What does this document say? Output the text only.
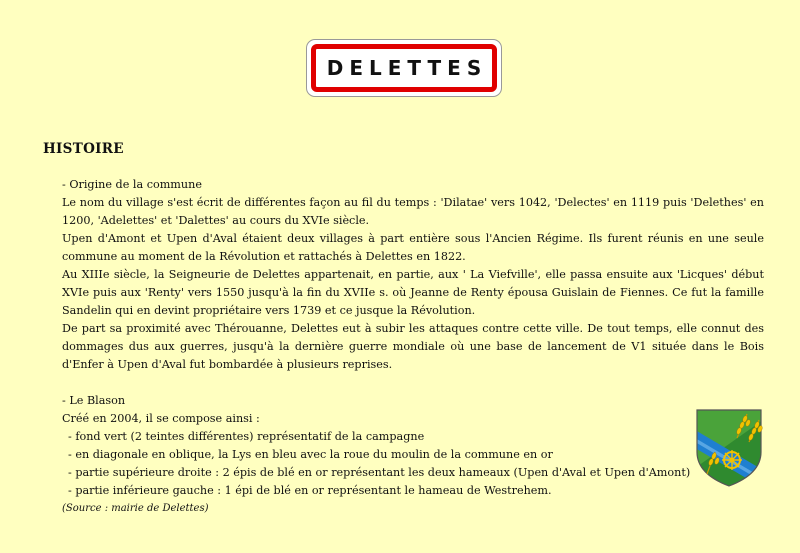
DELETTES
HISTOIRE

- Origine de la commune

Le nom du village s'est écrit de différentes façon au fil du temps : 'Dilatae' vers 1042, 'Delectes' en 1119 puis 'Delethes' en 1200, 'Adelettes' et 'Dalettes' au cours du XVIe siècle.

Upen d'Amont et Upen d'Aval étaient deux villages à part entière sous l'Ancien Régime. Ils furent réunis en une seule commune au moment de la Révolution et rattachés à Delettes en 1822.

Au XIIIe siècle, la Seigneurie de Delettes appartenait, en partie, aux ' La Viefville', elle passa ensuite aux 'Licques' début XVIe puis aux 'Renty' vers 1550 jusqu'à la fin du XVIIe s. où Jeanne de Renty épousa Guislain de Fiennes. Ce fut la famille Sandelin qui en devint propriétaire vers 1739 et ce jusque la Révolution.

De part sa proximité avec Thérouanne, Delettes eut à subir les attaques contre cette ville. De tout temps, elle connut des dommages dus aux guerres, jusqu'à la dernière guerre mondiale où une base de lancement de V1 située dans le Bois d'Enfer à Upen d'Aval fut bombardée à plusieurs reprises.

- Le Blason

Créé en 2004, il se compose ainsi :

- fond vert (2 teintes différentes) représentatif de la campagne

- en diagonale en oblique, la Lys en bleu avec la roue du moulin de la commune en or

- partie supérieure droite : 2 épis de blé en or représentant les deux hameaux (Upen d'Aval et Upen d'Amont)

- partie inférieure gauche : 1 épi de blé en or représentant le hameau de Westrehem.

(Source : mairie de Delettes)
